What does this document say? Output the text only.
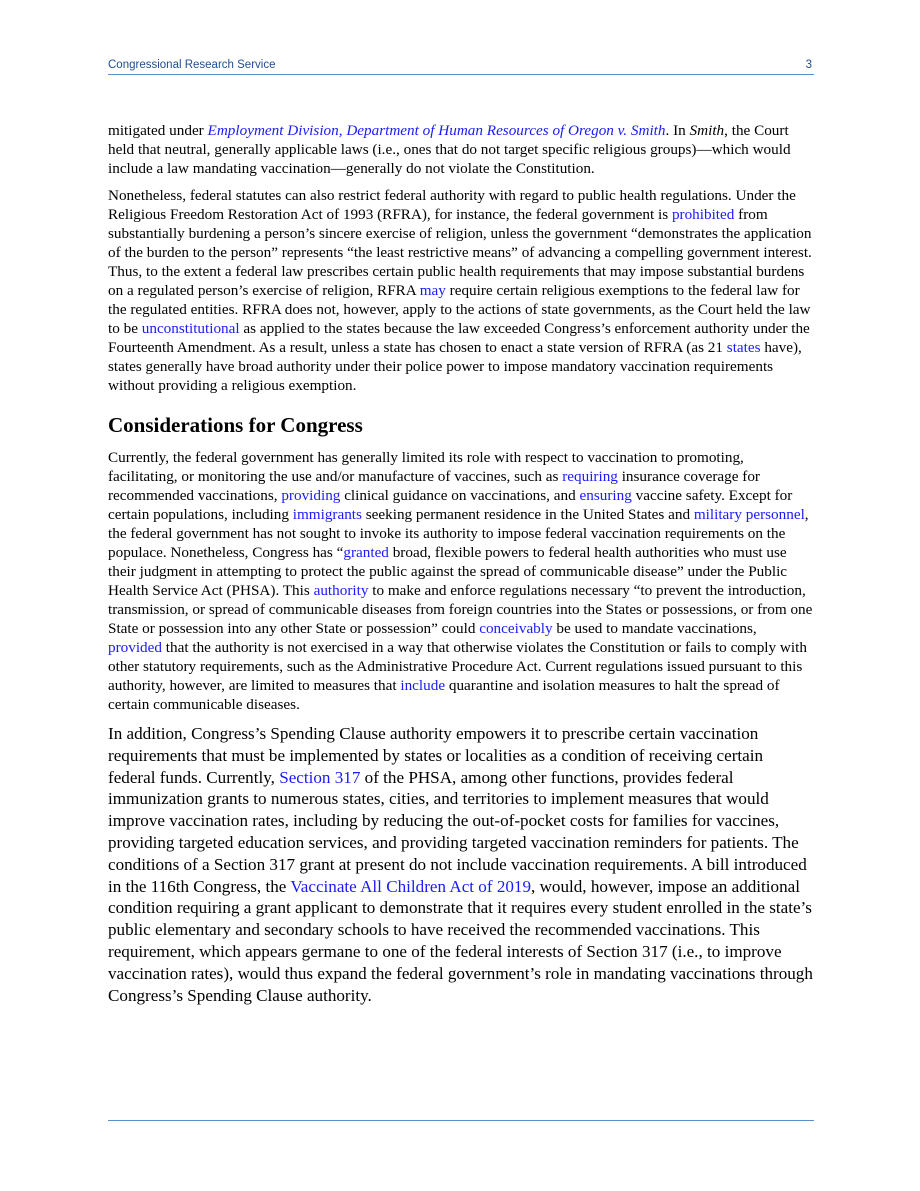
Congressional Research Service	3

mitigated under Employment Division, Department of Human Resources of Oregon v. Smith. In Smith, the Court held that neutral, generally applicable laws (i.e., ones that do not target specific religious groups)—which would include a law mandating vaccination—generally do not violate the Constitution.

Nonetheless, federal statutes can also restrict federal authority with regard to public health regulations. Under the Religious Freedom Restoration Act of 1993 (RFRA), for instance, the federal government is prohibited from substantially burdening a person’s sincere exercise of religion, unless the government “demonstrates the application of the burden to the person” represents “the least restrictive means” of advancing a compelling government interest. Thus, to the extent a federal law prescribes certain public health requirements that may impose substantial burdens on a regulated person’s exercise of religion, RFRA may require certain religious exemptions to the federal law for the regulated entities. RFRA does not, however, apply to the actions of state governments, as the Court held the law to be unconstitutional as applied to the states because the law exceeded Congress’s enforcement authority under the Fourteenth Amendment. As a result, unless a state has chosen to enact a state version of RFRA (as 21 states have), states generally have broad authority under their police power to impose mandatory vaccination requirements without providing a religious exemption.

Considerations for Congress

Currently, the federal government has generally limited its role with respect to vaccination to promoting, facilitating, or monitoring the use and/or manufacture of vaccines, such as requiring insurance coverage for recommended vaccinations, providing clinical guidance on vaccinations, and ensuring vaccine safety. Except for certain populations, including immigrants seeking permanent residence in the United States and military personnel, the federal government has not sought to invoke its authority to impose federal vaccination requirements on the populace. Nonetheless, Congress has “granted broad, flexible powers to federal health authorities who must use their judgment in attempting to protect the public against the spread of communicable disease” under the Public Health Service Act (PHSA). This authority to make and enforce regulations necessary “to prevent the introduction, transmission, or spread of communicable diseases from foreign countries into the States or possessions, or from one State or possession into any other State or possession” could conceivably be used to mandate vaccinations, provided that the authority is not exercised in a way that otherwise violates the Constitution or fails to comply with other statutory requirements, such as the Administrative Procedure Act. Current regulations issued pursuant to this authority, however, are limited to measures that include quarantine and isolation measures to halt the spread of certain communicable diseases.

In addition, Congress’s Spending Clause authority empowers it to prescribe certain vaccination requirements that must be implemented by states or localities as a condition of receiving certain federal funds. Currently, Section 317 of the PHSA, among other functions, provides federal immunization grants to numerous states, cities, and territories to implement measures that would improve vaccination rates, including by reducing the out-of-pocket costs for families for vaccines, providing targeted education services, and providing targeted vaccination reminders for patients. The conditions of a Section 317 grant at present do not include vaccination requirements. A bill introduced in the 116th Congress, the Vaccinate All Children Act of 2019, would, however, impose an additional condition requiring a grant applicant to demonstrate that it requires every student enrolled in the state’s public elementary and secondary schools to have received the recommended vaccinations. This requirement, which appears germane to one of the federal interests of Section 317 (i.e., to improve vaccination rates), would thus expand the federal government’s role in mandating vaccinations through Congress’s Spending Clause authority.
